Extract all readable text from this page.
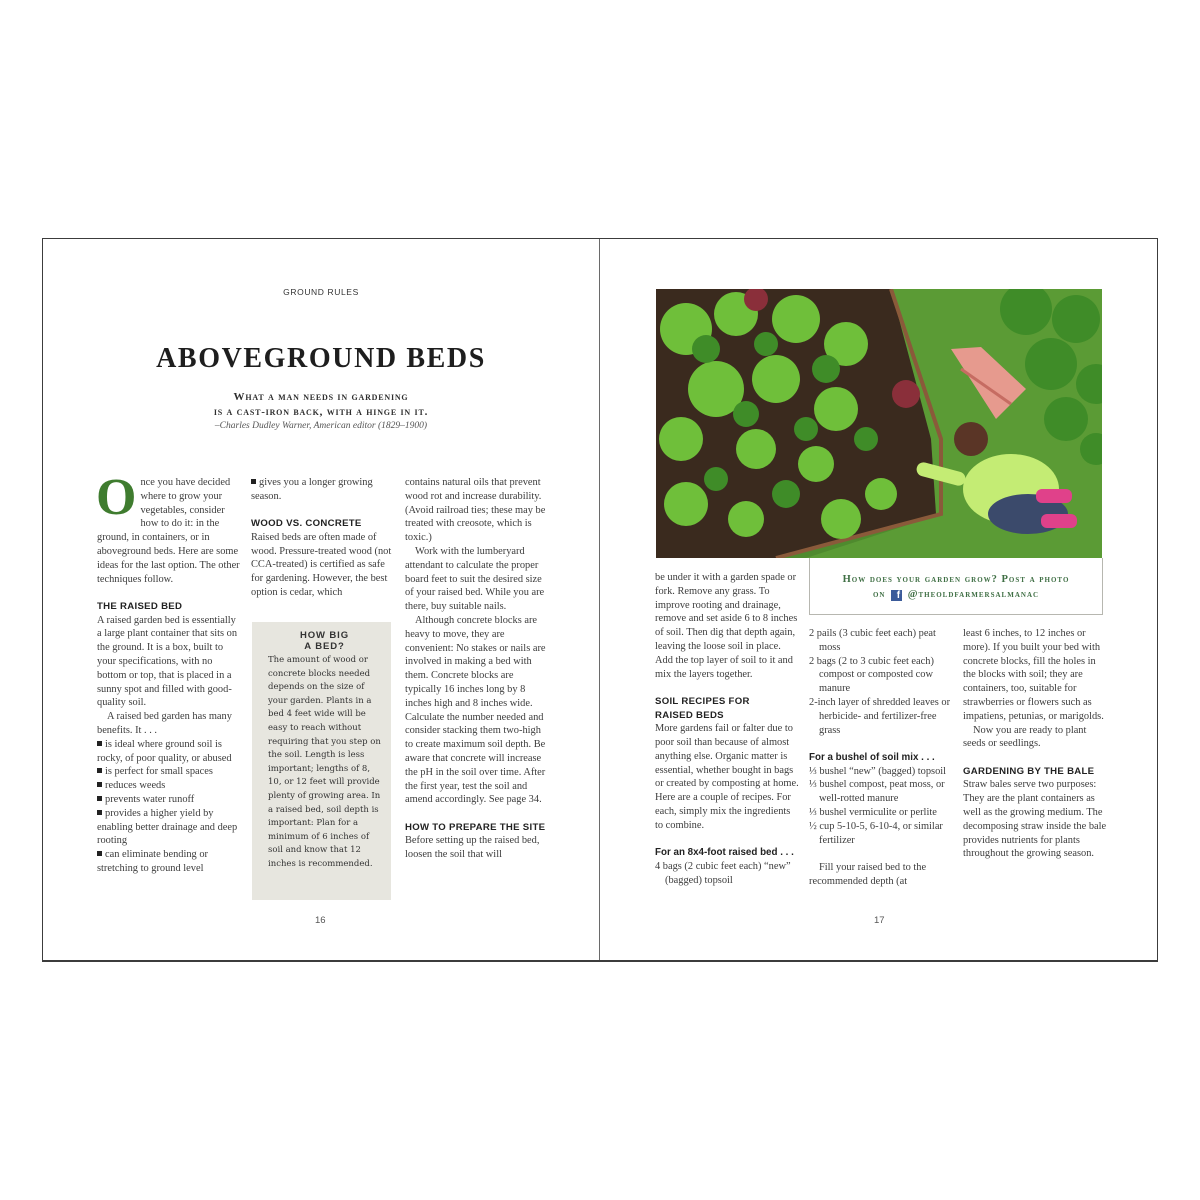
GROUND RULES
ABOVEGROUND BEDS
What a man needs in gardening
is a cast-iron back, with a hinge in it.
–Charles Dudley Warner, American editor (1829–1900)

Once you have decided where to grow your vegetables, consider how to do it: in the ground, in containers, or in aboveground beds. Here are some ideas for the last option. The other techniques follow.

THE RAISED BED

A raised garden bed is essentially a large plant container that sits on the ground. It is a box, built to your specifications, with no bottom or top, that is placed in a sunny spot and filled with good-quality soil.

A raised bed garden has many benefits. It . . .

is ideal where ground soil is rocky, of poor quality, or abused

is perfect for small spaces

reduces weeds

prevents water runoff

provides a higher yield by enabling better drainage and deep rooting

can eliminate bending or stretching to ground level

gives you a longer growing season.

WOOD VS. CONCRETE

Raised beds are often made of wood. Pressure-treated wood (not CCA-treated) is certified as safe for gardening. However, the best option is cedar, which

HOW BIG
A BED?
The amount of wood or concrete blocks needed depends on the size of your garden. Plants in a bed 4 feet wide will be easy to reach without requiring that you step on the soil. Length is less important; lengths of 8, 10, or 12 feet will provide plenty of growing area. In a raised bed, soil depth is important: Plan for a minimum of 6 inches of soil and know that 12 inches is recommended.

contains natural oils that prevent wood rot and increase durability. (Avoid railroad ties; these may be treated with creosote, which is toxic.)

Work with the lumberyard attendant to calculate the proper board feet to suit the desired size of your raised bed. While you are there, buy suitable nails.

Although concrete blocks are heavy to move, they are convenient: No stakes or nails are involved in making a bed with them. Concrete blocks are typically 16 inches long by 8 inches high and 8 inches wide. Calculate the number needed and consider stacking them two-high to create maximum soil depth. Be aware that concrete will increase the pH in the soil over time. After the first year, test the soil and amend accordingly. See page 34.

HOW TO PREPARE THE SITE

Before setting up the raised bed, loosen the soil that will

16
How does your garden grow? Post a photo
on f @theoldfarmersalmanac

be under it with a garden spade or fork. Remove any grass. To improve rooting and drainage, remove and set aside 6 to 8 inches of soil. Then dig that depth again, leaving the loose soil in place. Add the top layer of soil to it and mix the layers together.

SOIL RECIPES FOR
RAISED BEDS

More gardens fail or falter due to poor soil than because of almost anything else. Organic matter is essential, whether bought in bags or created by composting at home. Here are a couple of recipes. For each, simply mix the ingredients to combine.

For an 8x4-foot raised bed . . .

4 bags (2 cubic feet each) “new” (bagged) topsoil

2 pails (3 cubic feet each) peat moss

2 bags (2 to 3 cubic feet each) compost or composted cow manure

2-inch layer of shredded leaves or herbicide- and fertilizer-free grass

For a bushel of soil mix . . .

⅓ bushel “new” (bagged) topsoil

⅓ bushel compost, peat moss, or well-rotted manure

⅓ bushel vermiculite or perlite

½ cup 5-10-5, 6-10-4, or similar fertilizer

Fill your raised bed to the recommended depth (at

least 6 inches, to 12 inches or more). If you built your bed with concrete blocks, fill the holes in the blocks with soil; they are containers, too, suitable for strawberries or flowers such as impatiens, petunias, or marigolds.

Now you are ready to plant seeds or seedlings.

GARDENING BY THE BALE

Straw bales serve two purposes: They are the plant containers as well as the growing medium. The decomposing straw inside the bale provides nutrients for plants throughout the growing season.

17
